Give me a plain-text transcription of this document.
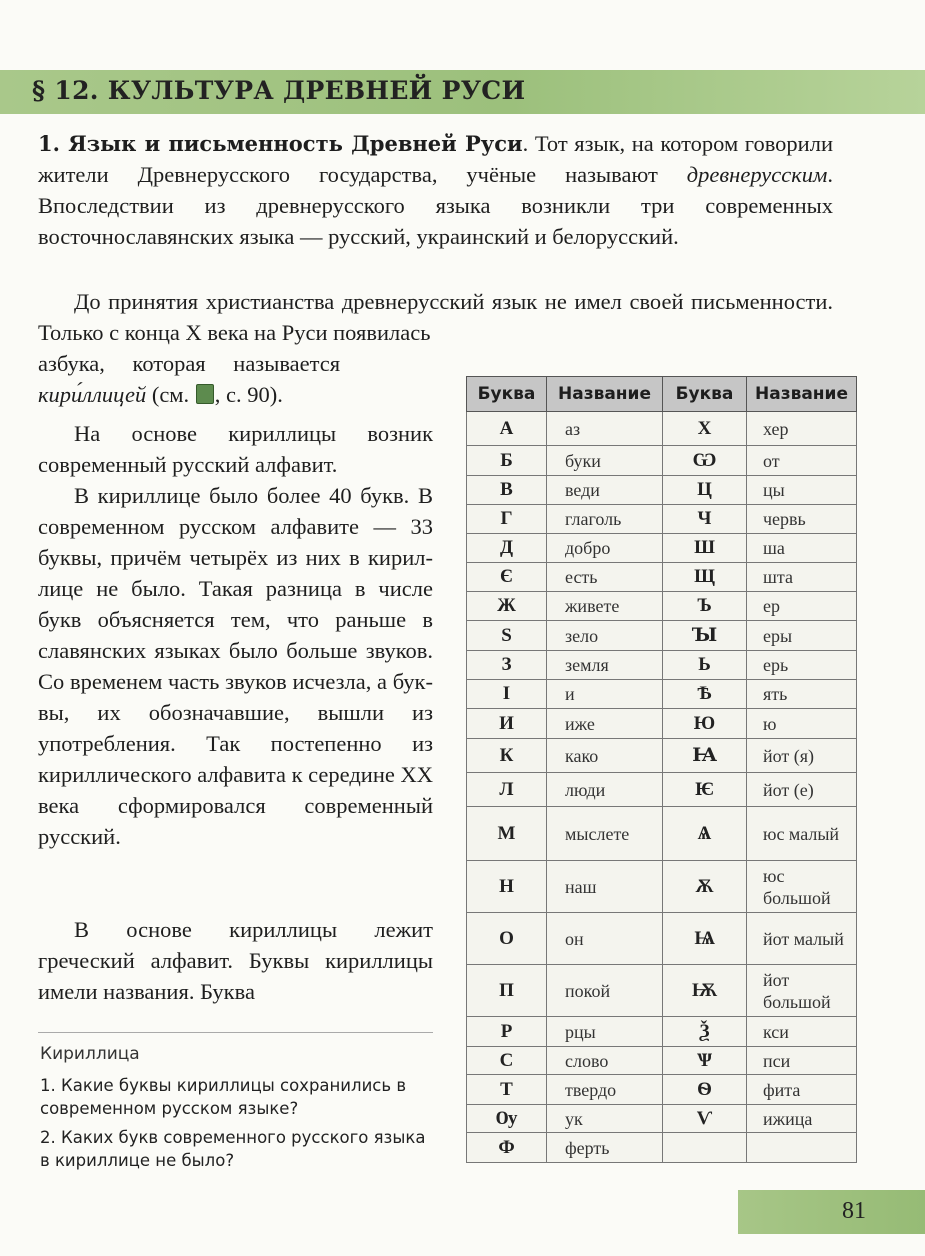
§ 12. КУЛЬТУРА ДРЕВНЕЙ РУСИ

1. Язык и письменность Древней Руси. Тот язык, на котором говорили жители Древнерусского государства, учёные называют древнерусским. Впоследствии из древнерусского языка возникли три современных восточнославянских языка — русский, украинский и белорусский.

До принятия христианства древнерусский язык не имел своей письменности. Только с конца X века на Руси появилась

азбука, которая называется
кири́ллицей (см. , с. 90).

На основе кириллицы возник современный русский алфавит.

В кириллице было более 40 букв. В современном русском алфавите — 33 буквы, причём четырёх из них в кириллице не было. Такая разница в числе букв объясняется тем, что раньше в славянских языках было больше звуков. Со временем часть звуков исчезла, а буквы, их обозначавшие, вышли из употребления. Так постепенно из кириллического алфавита к середине XX века сформировался современный русский.

В основе кириллицы лежит греческий алфавит. Буквы кириллицы имели названия. Буква

Буква	Название	Буква	Название
А	аз	Х	хер
Б	буки	Ѡ	от
В	веди	Ц	цы
Г	глаголь	Ч	червь
Д	добро	Ш	ша
Є	есть	Щ	шта
Ж	живете	Ъ	ер
Ѕ	зело	Ꙑ	еры
З	земля	Ь	ерь
І	и	Ѣ	ять
И	иже	Ю	ю
К	како	Ꙗ	йот (я)
Л	люди	Ѥ	йот (е)
М	мыслете	Ѧ	юс малый
Н	наш	Ѫ	юс большой
О	он	Ѩ	йот малый
П	покой	Ѭ	йот большой
Р	рцы	Ѯ	кси
С	слово	Ѱ	пси
Т	твердо	Ѳ	фита
Ѹ	ук	Ѵ	ижица
Ф	ферть		
Кириллица
1. Какие буквы кириллицы сохранились в современном русском языке?
2. Каких букв современного русского языка в кириллице не было?
81
